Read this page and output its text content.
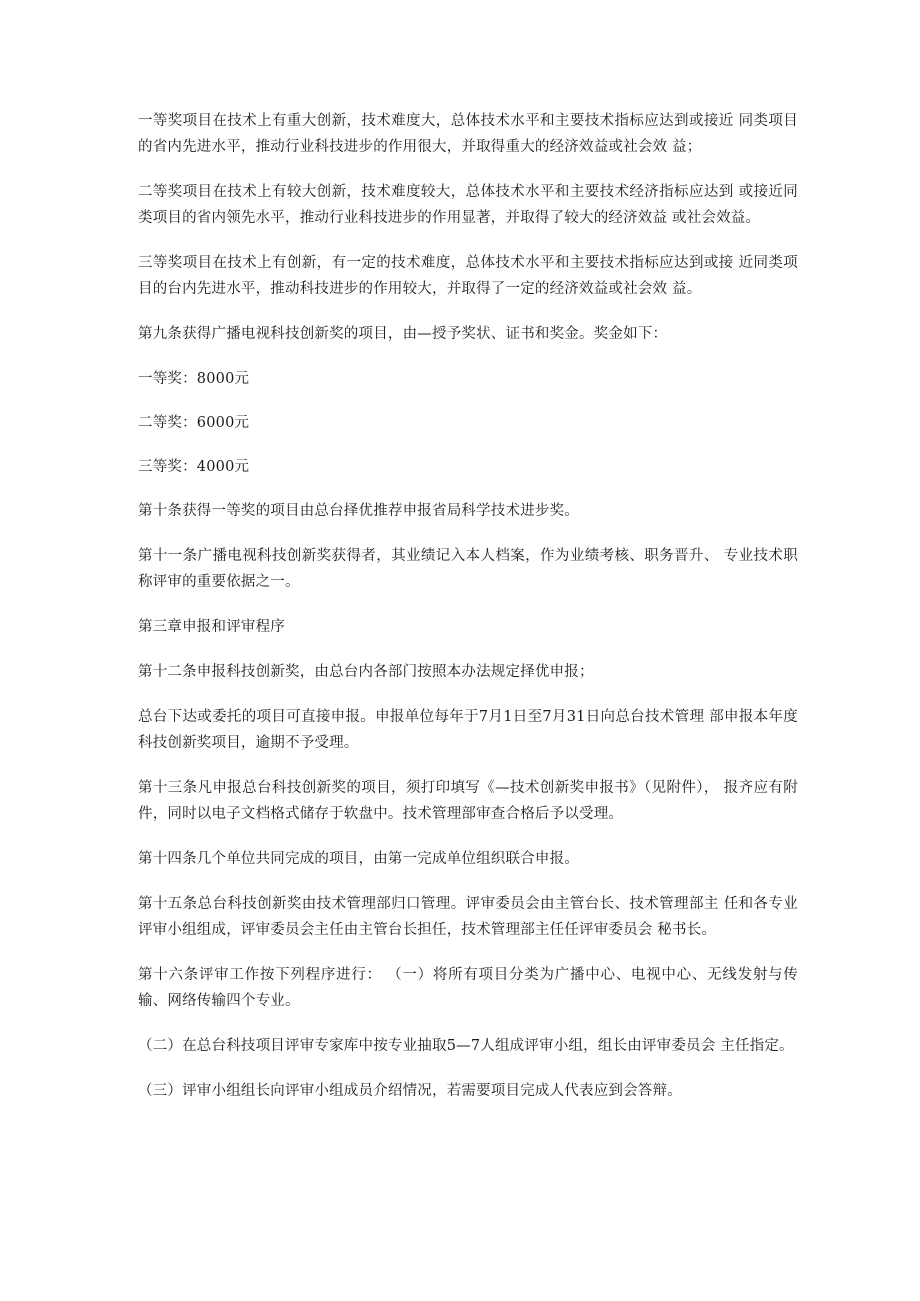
一等奖项目在技术上有重大创新，技术难度大，总体技术水平和主要技术指标应达到或接近 同类项目的省内先进水平，推动行业科技进步的作用很大，并取得重大的经济效益或社会效 益；

二等奖项目在技术上有较大创新，技术难度较大，总体技术水平和主要技术经济指标应达到 或接近同类项目的省内领先水平，推动行业科技进步的作用显著，并取得了较大的经济效益 或社会效益。

三等奖项目在技术上有创新，有一定的技术难度，总体技术水平和主要技术指标应达到或接 近同类项目的台内先进水平，推动科技进步的作用较大，并取得了一定的经济效益或社会效 益。

第九条获得广播电视科技创新奖的项目，由—授予奖状、证书和奖金。奖金如下：

一等奖：8000元

二等奖：6000元

三等奖：4000元

第十条获得一等奖的项目由总台择优推荐申报省局科学技术进步奖。

第十一条广播电视科技创新奖获得者，其业绩记入本人档案，作为业绩考核、职务晋升、 专业技术职称评审的重要依据之一。

第三章申报和评审程序

第十二条申报科技创新奖，由总台内各部门按照本办法规定择优申报；

总台下达或委托的项目可直接申报。申报单位每年于7月1日至7月31日向总台技术管理 部申报本年度科技创新奖项目，逾期不予受理。

第十三条凡申报总台科技创新奖的项目，须打印填写《—技术创新奖申报书》（见附件）， 报齐应有附件，同时以电子文档格式储存于软盘中。技术管理部审查合格后予以受理。

第十四条几个单位共同完成的项目，由第一完成单位组织联合申报。

第十五条总台科技创新奖由技术管理部归口管理。评审委员会由主管台长、技术管理部主 任和各专业评审小组组成，评审委员会主任由主管台长担任，技术管理部主任任评审委员会 秘书长。

第十六条评审工作按下列程序进行： （一）将所有项目分类为广播中心、电视中心、无线发射与传输、网络传输四个专业。

（二）在总台科技项目评审专家库中按专业抽取5—7人组成评审小组，组长由评审委员会 主任指定。

（三）评审小组组长向评审小组成员介绍情况，若需要项目完成人代表应到会答辩。
